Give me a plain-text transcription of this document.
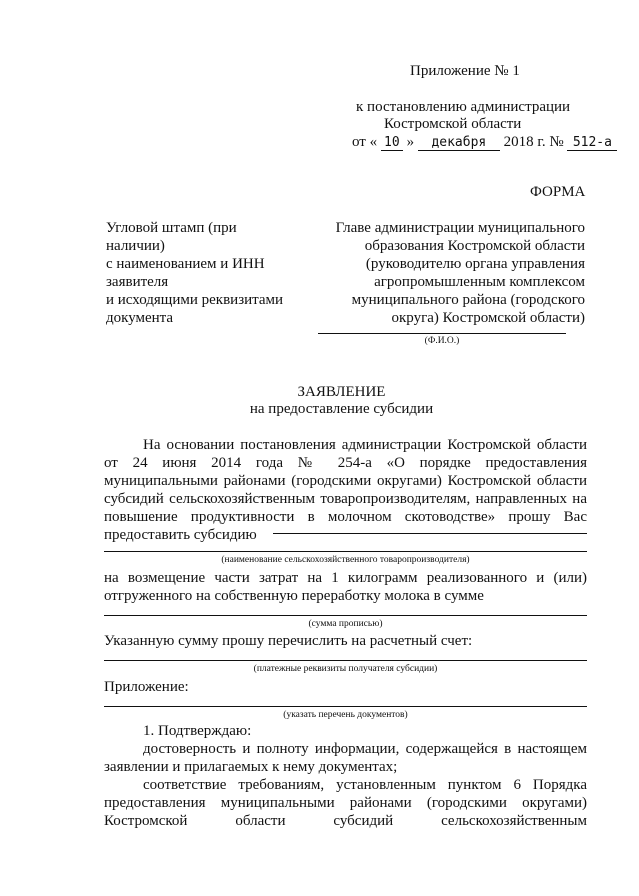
Приложение № 1
к постановлению администрации
Костромской области
от « 10 » декабря 2018 г. № 512-а
ФОРМА
Угловой штамп (при
наличии)
с наименованием и ИНН
заявителя
и исходящими реквизитами
документа
Главе администрации муниципального
образования Костромской области
(руководителю органа управления
агропромышленным комплексом
муниципального района (городского
округа) Костромской области)
(Ф.И.О.)
ЗАЯВЛЕНИЕ
на предоставление субсидии
На основании постановления администрации Костромской области
от 24 июня 2014 года № 254-а «О порядке предоставления
муниципальными районами (городскими округами) Костромской области
субсидий сельскохозяйственным товаропроизводителям, направленных на
повышение продуктивности в молочном скотоводстве» прошу Вас
предоставить субсидию
(наименование сельскохозяйственного товаропроизводителя)
на возмещение части затрат на 1 килограмм реализованного и (или)
отгруженного на собственную переработку молока в сумме
(сумма прописью)
Указанную сумму прошу перечислить на расчетный счет:
(платежные реквизиты получателя субсидии)
Приложение:
(указать перечень документов)
1. Подтверждаю:
достоверность и полноту информации, содержащейся в настоящем
заявлении и прилагаемых к нему документах;
соответствие требованиям, установленным пунктом 6 Порядка
предоставления муниципальными районами (городскими округами)
Костромской области субсидий сельскохозяйственным
